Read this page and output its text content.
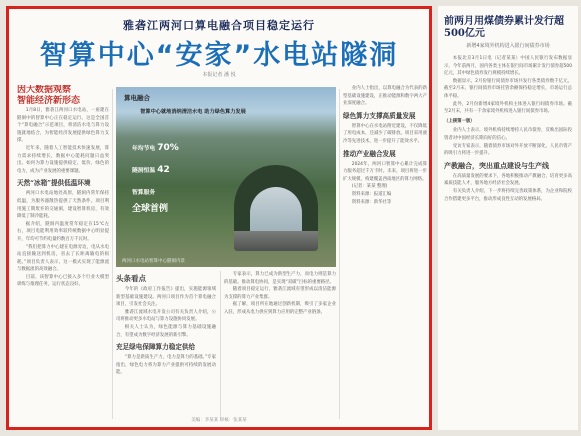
雅砻江两河口算电融合项目稳定运行
智算中心“安家”水电站隧洞
本报记者 潘 悦
因大数据观察
智能经济新形态

1月8日，雅砻江两河口水电站，一座建在隧洞中的智算中心正在稳定运行。这是全国首个“算电融合”示范项目，将清洁水电与算力设施就地结合，为智能经济发展提供绿色算力支撑。

近年来，随着人工智能技术快速发展，算力需求持续增长，数据中心能耗问题日益突出。如何为算力设施提供稳定、低价、绿色的电力，成为产业发展的重要课题。

天然“冰箱”提供低温环境

两河口水电站地处高原，隧洞内常年保持低温，为服务器散热提供了天然条件。项目利用施工期废弃的交通洞，建设智算机房，有效降低了制冷能耗。

据介绍，隧洞内温度常年稳定在15℃左右，项目电能利用效率较传统数据中心明显提升，年均可节约电量约数百万千瓦时。

“我们把算力中心建在电源旁边，电从水电站直接输送到机房，省去了长距离输电的损耗。”项目负责人表示，这一模式实现了能源流与数据流的高效融合。

目前，该智算中心已接入多个行业大模型训练与推理任务，运行状态良好。

算电融合
智算中心就地消纳清洁水电 助力绿色算力发展
年均节电 70%
隧洞恒温 42
智算服务
全球首例
两河口水电站智算中心隧洞内景
头条看点

今年的《政府工作报告》提出，实施能源领域新型基础设施建设。两河口项目作为首个算电融合项目，引发社会关注。

雅砻江流域水电开发公司有关负责人介绍，公司将推动更多水电站与算力设施协同发展。

相关人士认为，绿色能源与算力基础设施融合，有望成为数字经济发展的新引擎。

充足绿电保障算力稳定供给

“算力是新质生产力，电力是算力的基础。”专家指出，绿色电力将为算力产业提供可持续的发展动能。

专家表示，算力已成为新型生产力，而电力则是算力的基础。推动算电协同，是实现“双碳”目标的重要路径。

随着项目稳定运行，雅砻江流域有望形成以清洁能源为支撑的算力产业集群。

据了解，项目所在地通过创新机制，吸引了多家企业入驻，形成从电力供应到算力应用的完整产业链条。

业内人士指出，以算电融合为代表的新型基础设施建设，正推动能源和数字两大产业深度融合。

绿色算力支撑高质量发展

智算中心在水电站附近建设，不仅降低了用电成本，还减少了碳排放。项目采用液冷等先进技术，进一步提升了能效水平。

推动产业融合发展

2024年，两河口智算中心累计完成算力服务超过千万卡时。未来，项目将进一步扩大规模，构建覆盖西南地区的算力网络。

(记者：某某 整理)

资料来源：报道汇编

资料来源：新华社等

美编：李某某 审核：张某某
前两月用煤债券累计发行超500亿元
新增4家境外机构进入银行间债券市场

本报北京3月1日电（记者某某）中国人民银行发布数据显示，今年前两月，国内各类主体在银行间市场累计发行债券超500亿元，其中绿色债券发行规模持续增长。

数据显示，2月份银行间债券市场共发行各类债券数千亿元。截至2月末，银行间债券市场托管余额保持稳定增长，市场运行总体平稳。

此外，2月份新增4家境外机构主体进入银行间债券市场。截至2月末，共有一千余家境外机构进入银行间债券市场。

（上接第一版）

业内人士表示，境外机构持续增持人民币债券，反映出国际投资者对中国经济长期向好的信心。

受访专家表示，随着债券市场对外开放不断深化，人民币资产的吸引力将进一步提升。

产教融合，突出重点建设与生产线

在高质量发展的要求下，各地积极推动产教融合，培育更多高素质技能人才，服务地方经济社会发展。

有关负责人介绍，下一步将持续完善政策体系，为企业和院校合作搭建更多平台，推动形成良性互动的发展格局。
